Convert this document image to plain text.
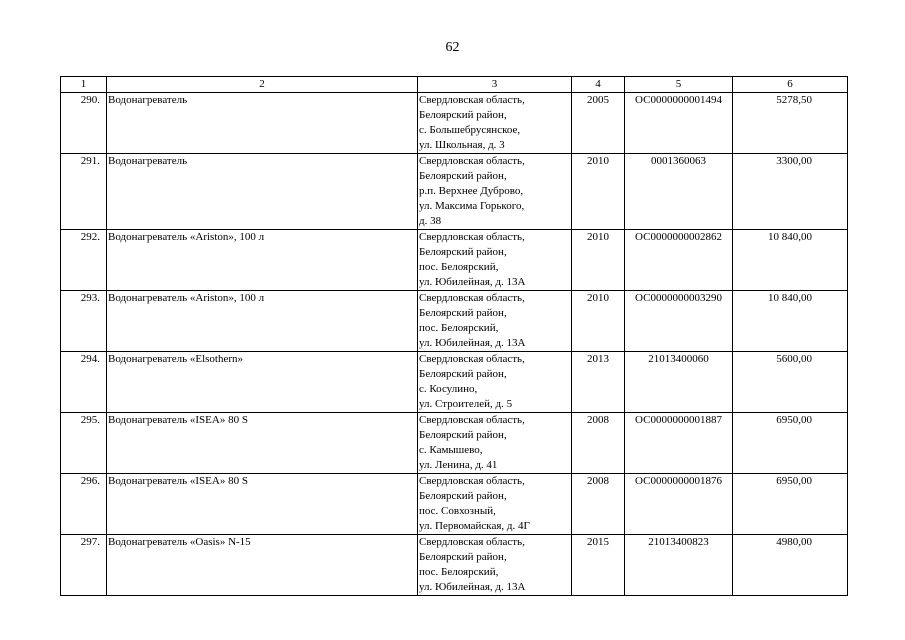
62
1	2	3	4	5	6
290.	Водонагреватель	Свердловская область,
Белоярский район,
с. Большебрусянское,
ул. Школьная, д. 3	2005	ОС0000000001494	5278,50
291.	Водонагреватель	Свердловская область,
Белоярский район,
р.п. Верхнее Дуброво,
ул. Максима Горького,
д. 38	2010	0001360063	3300,00
292.	Водонагреватель «Ariston», 100 л	Свердловская область,
Белоярский район,
пос. Белоярский,
ул. Юбилейная, д. 13А	2010	ОС0000000002862	10 840,00
293.	Водонагреватель «Ariston», 100 л	Свердловская область,
Белоярский район,
пос. Белоярский,
ул. Юбилейная, д. 13А	2010	ОС0000000003290	10 840,00
294.	Водонагреватель «Elsothern»	Свердловская область,
Белоярский район,
с. Косулино,
ул. Строителей, д. 5	2013	21013400060	5600,00
295.	Водонагреватель «ISEA» 80 S	Свердловская область,
Белоярский район,
с. Камышево,
ул. Ленина, д. 41	2008	ОС0000000001887	6950,00
296.	Водонагреватель «ISEA» 80 S	Свердловская область,
Белоярский район,
пос. Совхозный,
ул. Первомайская, д. 4Г	2008	ОС0000000001876	6950,00
297.	Водонагреватель «Oasis» N-15	Свердловская область,
Белоярский район,
пос. Белоярский,
ул. Юбилейная, д. 13А	2015	21013400823	4980,00
